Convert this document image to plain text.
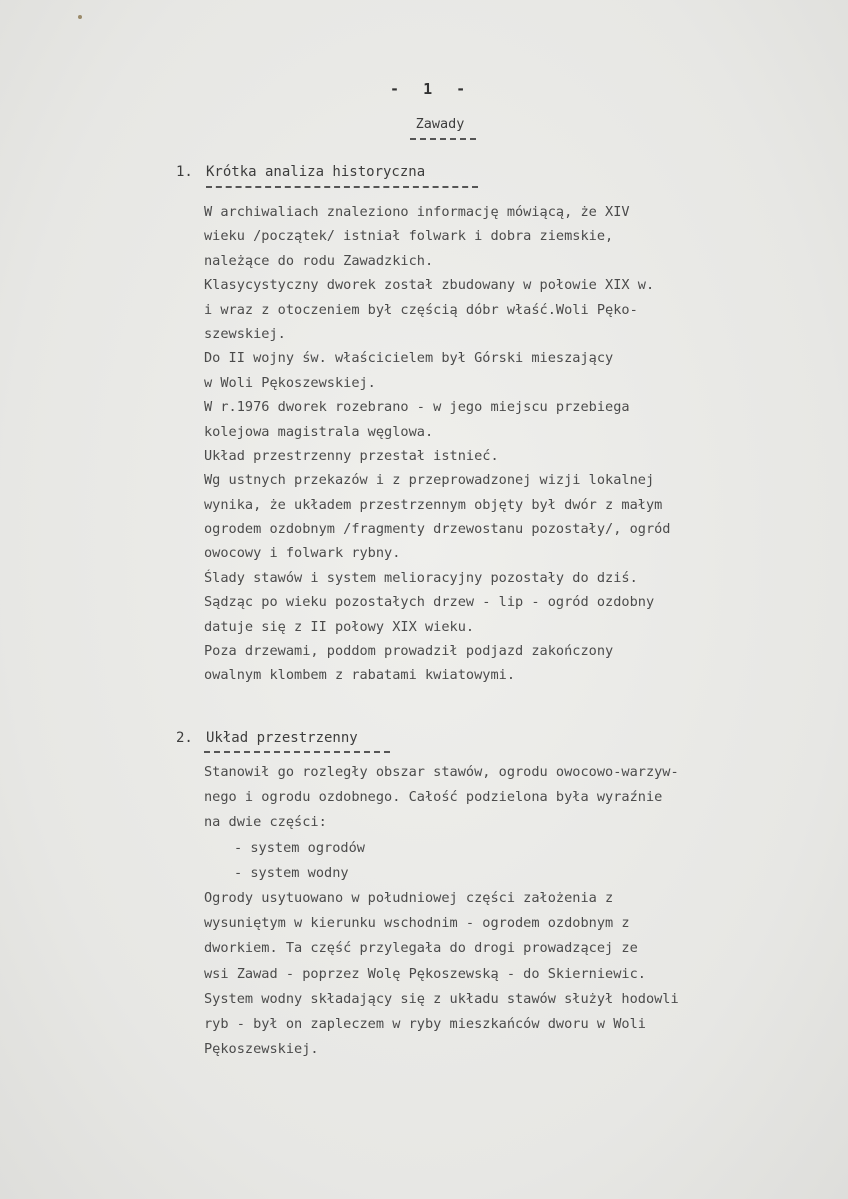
-  1  -
Zawady
1. Krótka analiza historyczna
W archiwaliach znaleziono informację mówiącą, że XIV
wieku /początek/ istniał folwark i dobra ziemskie,
należące do rodu Zawadzkich.
Klasycystyczny dworek został zbudowany w połowie XIX w.
i wraz z otoczeniem był częścią dóbr właść.Woli Pęko-
szewskiej.
Do II wojny św. właścicielem był Górski mieszający
w Woli Pękoszewskiej.
W r.1976 dworek rozebrano - w jego miejscu przebiega
kolejowa magistrala węglowa.
Układ przestrzenny przestał istnieć.
Wg ustnych przekazów i z przeprowadzonej wizji lokalnej
wynika, że układem przestrzennym objęty był dwór z małym
ogrodem ozdobnym /fragmenty drzewostanu pozostały/, ogród
owocowy i folwark rybny.
Ślady stawów i system melioracyjny pozostały do dziś.
Sądząc po wieku pozostałych drzew - lip - ogród ozdobny
datuje się z II połowy XIX wieku.
Poza drzewami, poddom prowadził podjazd zakończony
owalnym klombem z rabatami kwiatowymi.
2. Układ przestrzenny
Stanowił go rozległy obszar stawów, ogrodu owocowo-warzyw-
nego i ogrodu ozdobnego. Całość podzielona była wyraźnie
na dwie części:
- system ogrodów
- system wodny
Ogrody usytuowano w południowej części założenia z
wysuniętym w kierunku wschodnim - ogrodem ozdobnym z
dworkiem. Ta część przylegała do drogi prowadzącej ze
wsi Zawad - poprzez Wolę Pękoszewską - do Skierniewic.
System wodny składający się z układu stawów służył hodowli
ryb - był on zapleczem w ryby mieszkańców dworu w Woli
Pękoszewskiej.
